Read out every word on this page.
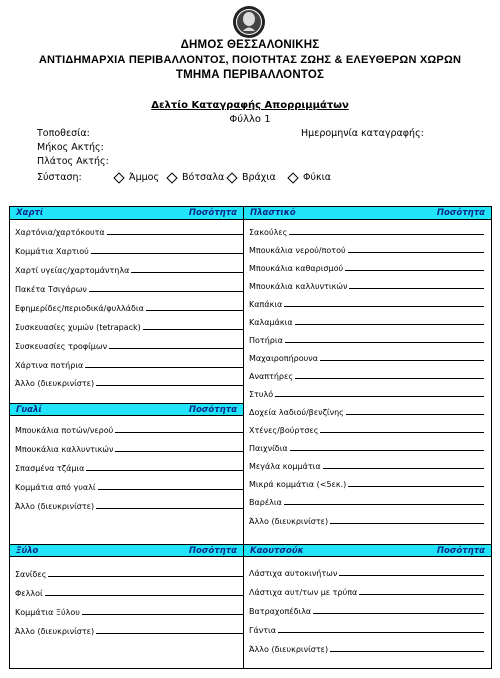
ΔΗΜΟΣ ΘΕΣΣΑΛΟΝΙΚΗΣ
ΑΝΤΙΔΗΜΑΡΧΙΑ ΠΕΡΙΒΑΛΛΟΝΤΟΣ, ΠΟΙΟΤΗΤΑΣ ΖΩΗΣ & ΕΛΕΥΘΕΡΩΝ ΧΩΡΩΝ
ΤΜΗΜΑ ΠΕΡΙΒΑΛΛΟΝΤΟΣ
Δελτίο Καταγραφής Απορριμμάτων
Φύλλο 1
Τοποθεσία:	Ημερομηνία καταγραφής:
Μήκος Ακτής:
Πλάτος Ακτής:
Σύσταση:	Άμμος Βότσαλα Βράχια	Φύκια
Χαρτί	Ποσότητα
Χαρτόνια/χαρτόκουτα
Κομμάτια Χαρτιού
Χαρτί υγείας/χαρτομάντηλα
Πακέτα Τσιγάρων
Εφημερίδες/περιοδικά/φυλλάδια
Συσκευασίες χυμών (tetrapack)
Συσκευασίες τροφίμων
Χάρτινα ποτήρια
Άλλο (διευκρινίστε)
Γυαλί	Ποσότητα
Μπουκάλια ποτών/νερού
Μπουκάλια καλλυντικών
Σπασμένα τζάμια
Κομμάτια από γυαλί
Άλλο (διευκρινίστε)
Ξύλο	Ποσότητα
Σανίδες
Φελλοί
Κομμάτια Ξύλου
Άλλο (διευκρινίστε)
Πλαστικό	Ποσότητα
Σακούλες
Μπουκάλια νερού/ποτού
Μπουκάλια καθαρισμού
Μπουκάλια καλλυντικών
Καπάκια
Καλαμάκια
Ποτήρια
Μαχαιροπήρουνα
Αναπτήρες
Στυλό
Δοχεία λαδιού/βενζίνης
Χτένες/βούρτσες
Παιχνίδια
Μεγάλα κομμάτια
Μικρά κομμάτια (<5εκ.)
Βαρέλια
Άλλο (διευκρινίστε)
Καουτσούκ	Ποσότητα
Λάστιχα αυτοκινήτων
Λάστιχα αυτ/των με τρύπα
Βατραχοπέδιλα
Γάντια
Άλλο (διευκρινίστε)
